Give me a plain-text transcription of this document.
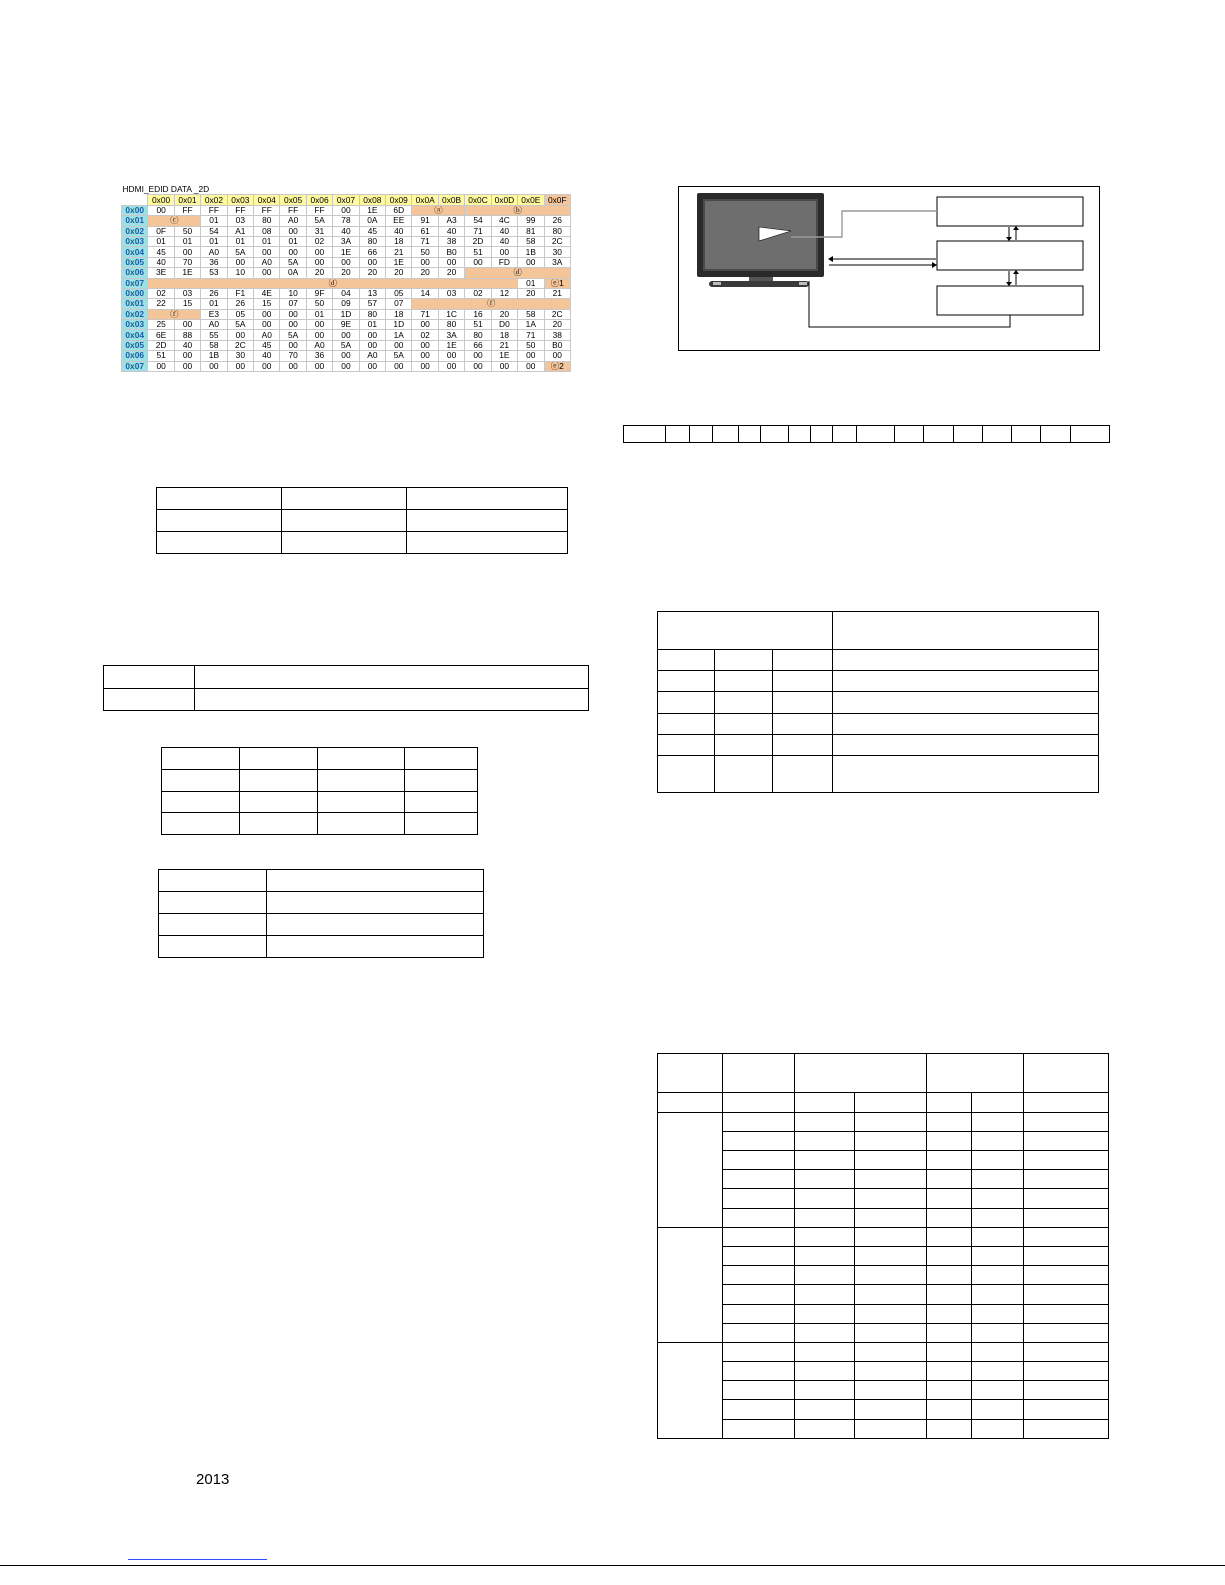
HDMI_EDID DATA _2D																
	0x00	0x01	0x02	0x03	0x04	0x05	0x06	0x07	0x08	0x09	0x0A	0x0B	0x0C	0x0D	0x0E	0x0F
0x00	00	FF	FF	FF	FF	FF	FF	00	1E	6D	ⓐ		ⓑ			
0x01	ⓒ		01	03	80	A0	5A	78	0A	EE	91	A3	54	4C	99	26
0x02	0F	50	54	A1	08	00	31	40	45	40	61	40	71	40	81	80
0x03	01	01	01	01	01	01	02	3A	80	18	71	38	2D	40	58	2C
0x04	45	00	A0	5A	00	00	00	1E	66	21	50	B0	51	00	1B	30
0x05	40	70	36	00	A0	5A	00	00	00	1E	00	00	00	FD	00	3A
0x06	3E	1E	53	10	00	0A	20	20	20	20	20	20	ⓓ			
0x07	ⓓ														01	ⓔ1
0x00	02	03	26	F1	4E	10	9F	04	13	05	14	03	02	12	20	21
0x01	22	15	01	26	15	07	50	09	57	07	ⓕ					
0x02	ⓕ		E3	05	00	00	01	1D	80	18	71	1C	16	20	58	2C
0x03	25	00	A0	5A	00	00	00	9E	01	1D	00	80	51	D0	1A	20
0x04	6E	88	55	00	A0	5A	00	00	00	1A	02	3A	80	18	71	38
0x05	2D	40	58	2C	45	00	A0	5A	00	00	00	1E	66	21	50	B0
0x06	51	00	1B	30	40	70	36	00	A0	5A	00	00	00	1E	00	00
0x07	00	00	00	00	00	00	00	00	00	00	00	00	00	00	00	ⓔ2

2013
